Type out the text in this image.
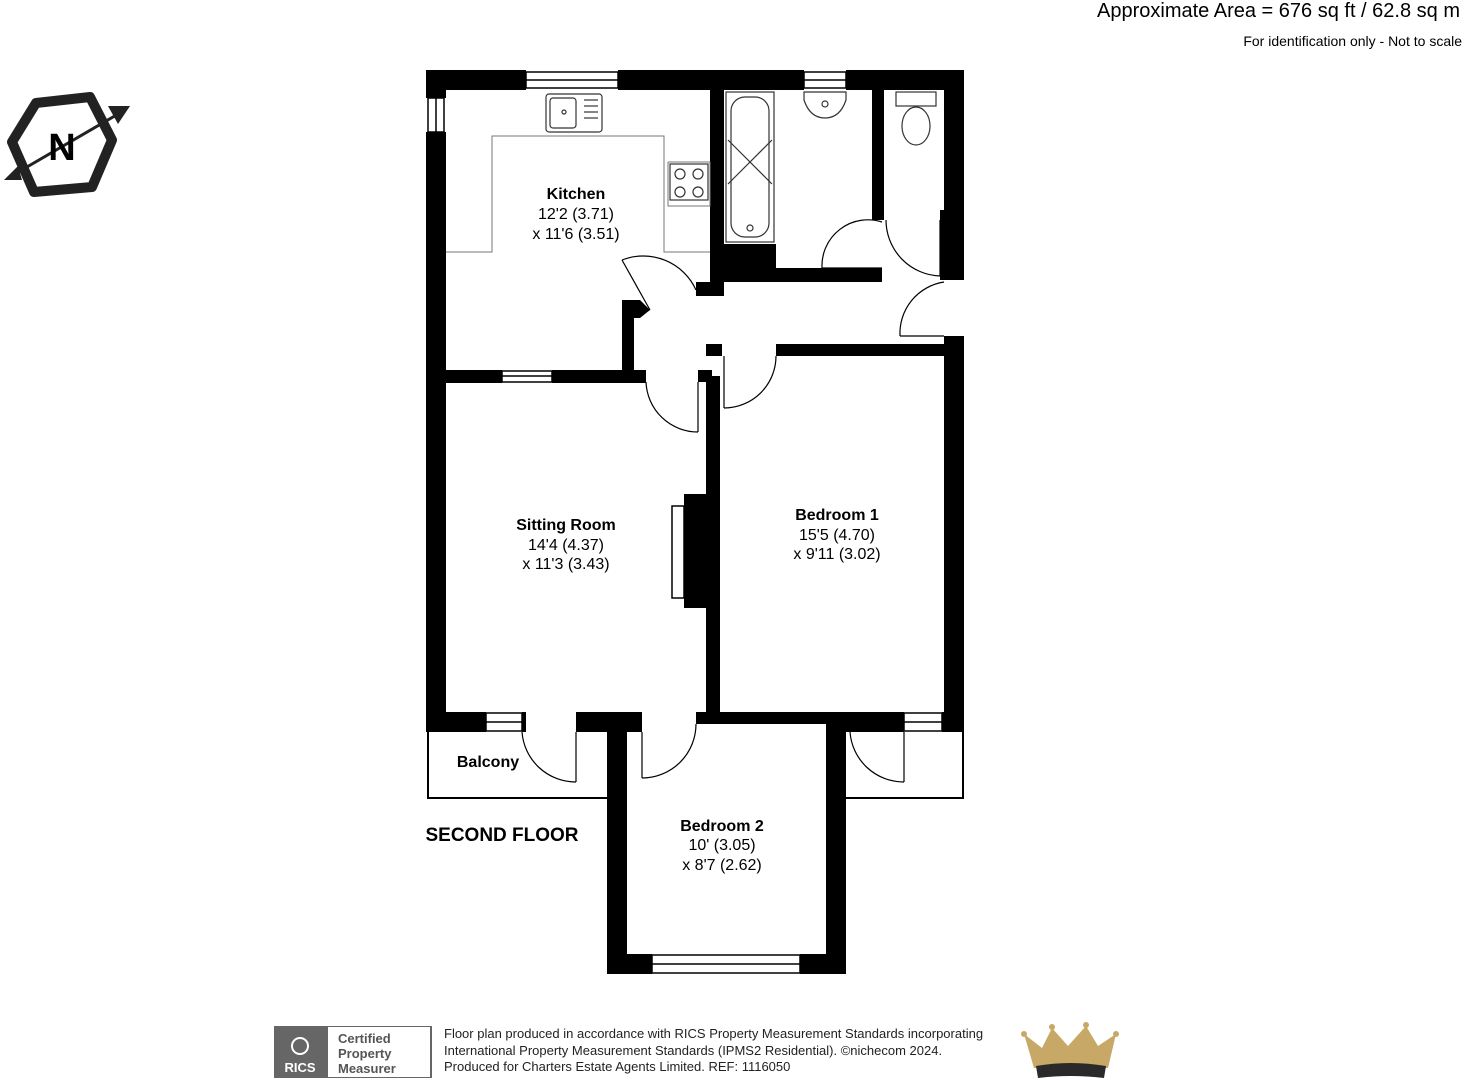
Approximate Area = 676 sq ft / 62.8 sq m
For identification only - Not to scale
N
Kitchen
12'2 (3.71)
x 11'6 (3.51)
Sitting Room
14'4 (4.37)
x 11'3 (3.43)
Bedroom 1
15'5 (4.70)
x 9'11 (3.02)
Bedroom 2
10' (3.05)
x 8'7 (2.62)
Balcony
SECOND FLOOR
RICS
Certified
Property
Measurer
Floor plan produced in accordance with RICS Property Measurement Standards incorporating
International Property Measurement Standards (IPMS2 Residential). ©nichecom 2024.
Produced for Charters Estate Agents Limited. REF: 1116050
